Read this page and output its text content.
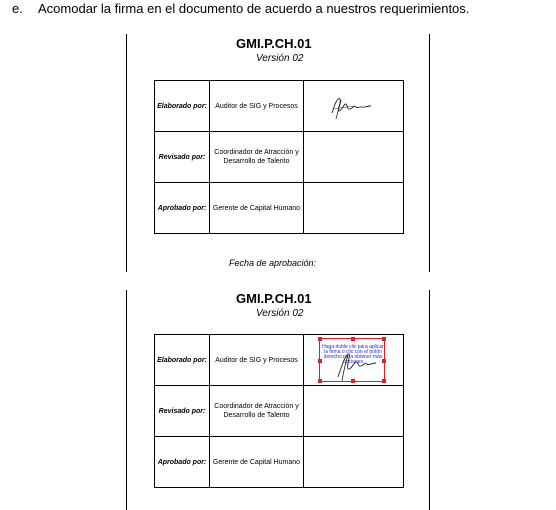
e. Acomodar la firma en el documento de acuerdo a nuestros requerimientos.
GMI.P.CH.01
Versión 02
Elaborado por:	Auditor de SIG y Procesos	

Revisado por:	Coordinador de Atracción y Desarrollo de Talento	
Aprobado por:	Gerente de Capital Humano	
Fecha de aprobación:
GMI.P.CH.01
Versión 02
Elaborado por:	Auditor de SIG y Procesos	Haga doble clic para aplicar la firma o clic con el botón derecho para obtener más opciones

Revisado por:	Coordinador de Atracción y Desarrollo de Talento	
Aprobado por:	Gerente de Capital Humano	
